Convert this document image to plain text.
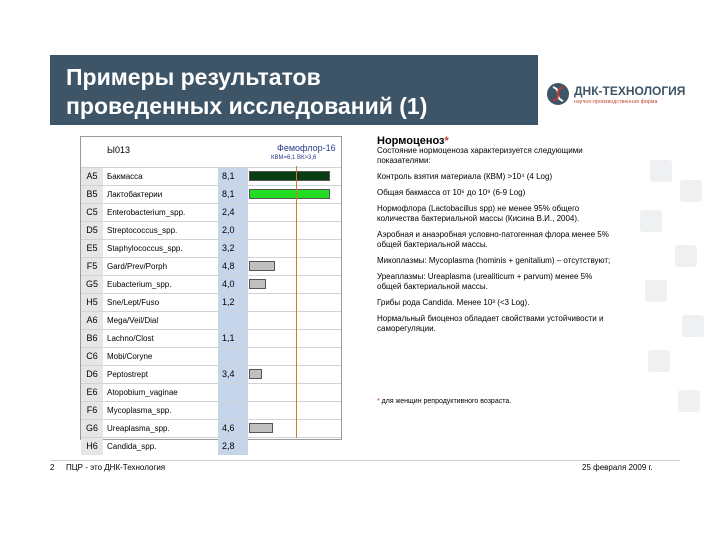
Примеры результатов
проведенных исследований (1)
ДНК-ТЕХНОЛОГИЯ
научно-производственная фирма
Ы013	Фемофлор-16
КВМ=6,1 ВК>3,6
A5	Бакмасса	8,1
B5	Лактобактерии	8,1
C5	Enterobacterium_spp.	2,4
D5	Streptococcus_spp.	2,0
E5	Staphylococcus_spp.	3,2
F5	Gard/Prev/Porph	4,8
G5	Eubacterium_spp.	4,0
H5	Sne/Lept/Fuso	1,2
A6	Mega/Veil/Dial
B6	Lachno/Clost	1,1
C6	Mobi/Coryne
D6	Peptostrept	3,4
E6	Atopobium_vaginae
F6	Mycoplasma_spp.
G6	Ureaplasma_spp.	4,6
H6	Candida_spp.	2,8

Нормоценоз*

Состояние нормоценоза характеризуется следующими показателями:

Контроль взятия материала (КВМ) >10⁴ (4 Log)

Общая бакмасса от 10⁶ до 10⁹ (6-9 Log)

Нормофлора (Lactobacillus spp) не менее 95% общего количества бактериальной массы (Кисина В.И., 2004).

Аэробная и анаэробная условно-патогенная флора менее 5% общей бактериальной массы.

Микоплазмы: Mycoplasma (hominis + genitalium) – отсутствуют;

Уреаплазмы: Ureaplasma (urealiticum + parvum) менее 5% общей бактериальной массы.

Грибы рода Candida. Менее 10³ (<3 Log).

Нормальный биоценоз обладает свойствами устойчивости и саморегуляции.

* для женщин репродуктивного возраста.
2 ПЦР - это ДНК-Технология	25 февраля 2009 г.
